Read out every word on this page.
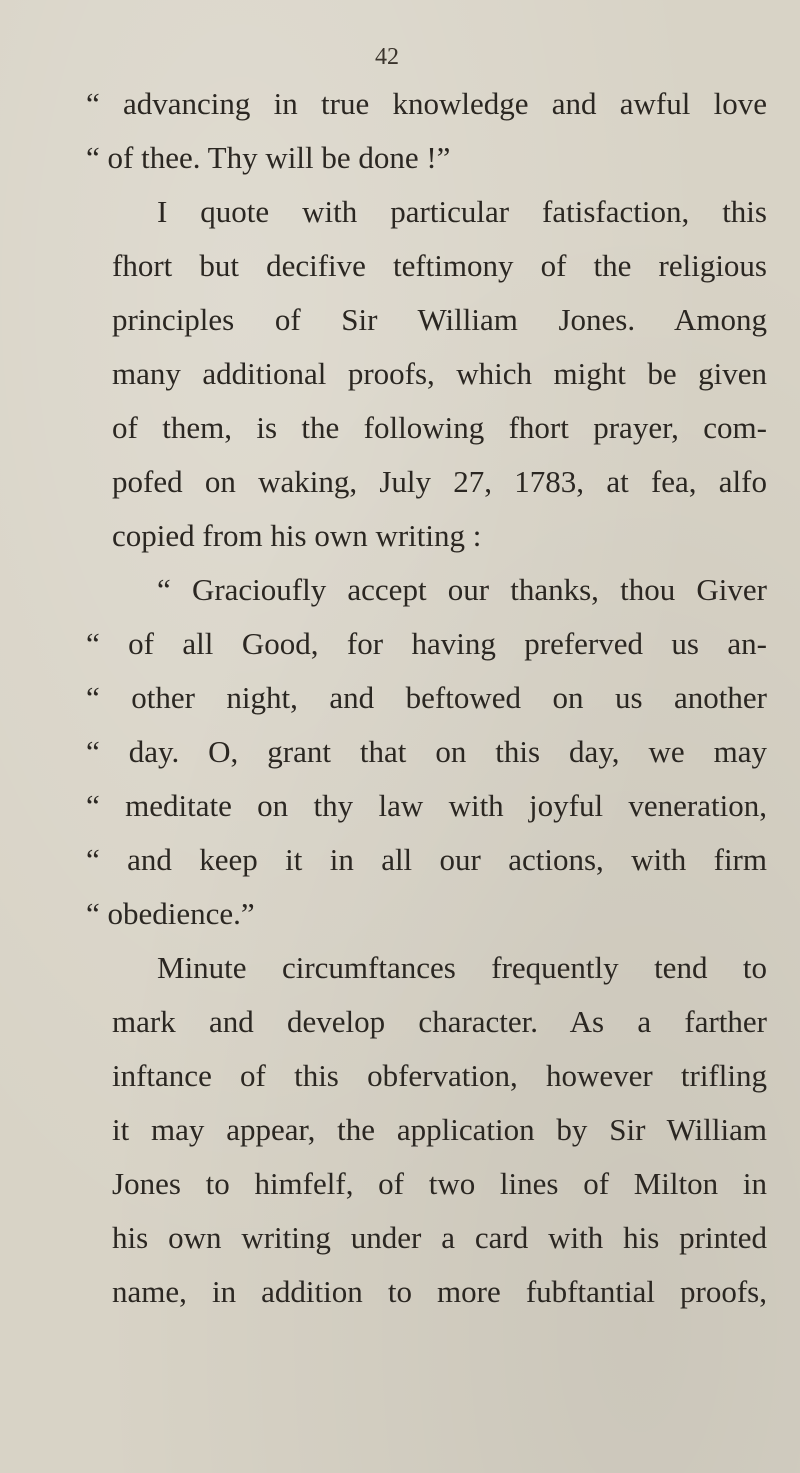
42
“ advancing in true knowledge and awful love
“ of thee. Thy will be done !”
I quote with particular fatisfaction, this
fhort but decifive teftimony of the religious
principles of Sir William Jones. Among
many additional proofs, which might be given
of them, is the following fhort prayer, com-
pofed on waking, July 27, 1783, at fea, alfo
copied from his own writing :
“ Gracioufly accept our thanks, thou Giver
“ of all Good, for having preferved us an-
“ other night, and beftowed on us another
“ day. O, grant that on this day, we may
“ meditate on thy law with joyful veneration,
“ and keep it in all our actions, with firm
“ obedience.”
Minute circumftances frequently tend to
mark and develop character. As a farther
inftance of this obfervation, however trifling
it may appear, the application by Sir William
Jones to himfelf, of two lines of Milton in
his own writing under a card with his printed
name, in addition to more fubftantial proofs,
